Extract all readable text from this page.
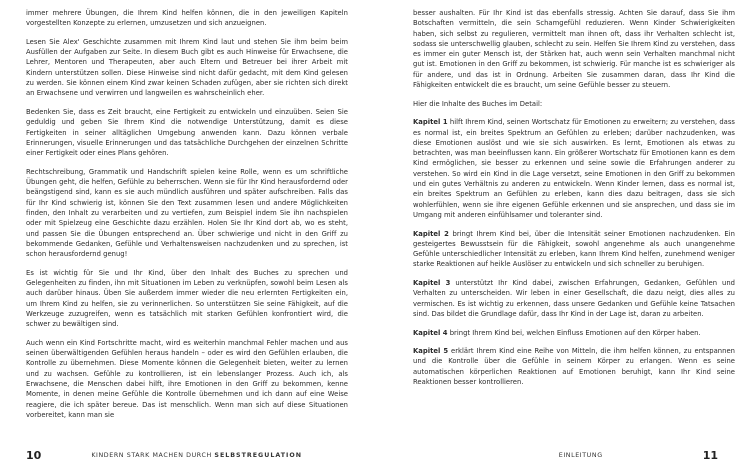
immer mehrere Übungen, die Ihrem Kind helfen können, die in den jeweiligen Kapiteln vorgestellten Konzepte zu erlernen, umzusetzen und sich anzueignen.

Lesen Sie Alex' Geschichte zusammen mit Ihrem Kind laut und stehen Sie ihm beim beim Ausfüllen der Aufgaben zur Seite. In diesem Buch gibt es auch Hinweise für Erwachsene, die Lehrer, Mentoren und Therapeuten, aber auch Eltern und Betreuer bei ihrer Arbeit mit Kindern unterstützen sollen. Diese Hinweise sind nicht dafür gedacht, mit dem Kind gelesen zu werden. Sie können einem Kind zwar keinen Schaden zufügen, aber sie richten sich direkt an Erwachsene und verwirren und langweilen es wahrscheinlich eher.

Bedenken Sie, dass es Zeit braucht, eine Fertigkeit zu entwickeln und einzuüben. Seien Sie geduldig und geben Sie Ihrem Kind die notwendige Unterstützung, damit es diese Fertigkeiten in seiner alltäglichen Umgebung anwenden kann. Dazu können verbale Erinnerungen, visuelle Erinnerungen und das tatsächliche Durchgehen der einzelnen Schritte einer Fertigkeit oder eines Plans gehören.

Rechtschreibung, Grammatik und Handschrift spielen keine Rolle, wenn es um schriftliche Übungen geht, die helfen, Gefühle zu beherrschen. Wenn sie für Ihr Kind herausfordernd oder beängstigend sind, kann es sie auch mündlich ausführen und später aufschreiben. Falls das für Ihr Kind schwierig ist, können Sie den Text zusammen lesen und andere Möglichkeiten finden, den Inhalt zu verarbeiten und zu vertiefen, zum Beispiel indem Sie ihn nachspielen oder mit Spielzeug eine Geschichte dazu erzählen. Holen Sie Ihr Kind dort ab, wo es steht, und passen Sie die Übungen entsprechend an. Über schwierige und nicht in den Griff zu bekommende Gedanken, Gefühle und Verhaltensweisen nachzudenken und zu sprechen, ist schon herausfordernd genug!

Es ist wichtig für Sie und Ihr Kind, über den Inhalt des Buches zu sprechen und Gelegenheiten zu finden, ihn mit Situationen im Leben zu verknüpfen, sowohl beim Lesen als auch darüber hinaus. Üben Sie außerdem immer wieder die neu erlernten Fertigkeiten ein, um Ihrem Kind zu helfen, sie zu verinnerlichen. So unterstützen Sie seine Fähigkeit, auf die Werkzeuge zuzugreifen, wenn es tatsächlich mit starken Gefühlen konfrontiert wird, die schwer zu bewältigen sind.

Auch wenn ein Kind Fortschritte macht, wird es weiterhin manchmal Fehler machen und aus seinen überwältigenden Gefühlen heraus handeln – oder es wird den Gefühlen erlauben, die Kontrolle zu übernehmen. Diese Momente können die Gelegenheit bieten, weiter zu lernen und zu wachsen. Gefühle zu kontrollieren, ist ein lebenslanger Prozess. Auch ich, als Erwachsene, die Menschen dabei hilft, ihre Emotionen in den Griff zu bekommen, kenne Momente, in denen meine Gefühle die Kontrolle übernehmen und ich dann auf eine Weise reagiere, die ich später bereue. Das ist menschlich. Wenn man sich auf diese Situationen vorbereitet, kann man sie

10	KINDERN STARK MACHEN DURCH SELBSTREGULATION

besser aushalten. Für Ihr Kind ist das ebenfalls stressig. Achten Sie darauf, dass Sie ihm Botschaften vermitteln, die sein Schamgefühl reduzieren. Wenn Kinder Schwierigkeiten haben, sich selbst zu regulieren, vermittelt man ihnen oft, dass ihr Verhalten schlecht ist, sodass sie unterschwellig glauben, schlecht zu sein. Helfen Sie Ihrem Kind zu verstehen, dass es immer ein guter Mensch ist, der Stärken hat, auch wenn sein Verhalten manchmal nicht gut ist. Emotionen in den Griff zu bekommen, ist schwierig. Für manche ist es schwieriger als für andere, und das ist in Ordnung. Arbeiten Sie zusammen daran, dass Ihr Kind die Fähigkeiten entwickelt die es braucht, um seine Gefühle besser zu steuern.

Hier die Inhalte des Buches im Detail:

Kapitel 1 hilft Ihrem Kind, seinen Wortschatz für Emotionen zu erweitern; zu verstehen, dass es normal ist, ein breites Spektrum an Gefühlen zu erleben; darüber nachzudenken, was diese Emotionen auslöst und wie sie sich auswirken. Es lernt, Emotionen als etwas zu betrachten, was man beeinflussen kann. Ein größerer Wortschatz für Emotionen kann es dem Kind ermöglichen, sie besser zu erkennen und seine sowie die Erfahrungen anderer zu verstehen. So wird ein Kind in die Lage versetzt, seine Emotionen in den Griff zu bekommen und ein gutes Verhältnis zu anderen zu entwickeln. Wenn Kinder lernen, dass es normal ist, ein breites Spektrum an Gefühlen zu erleben, kann dies dazu beitragen, dass sie sich wohlerfühlen, wenn sie ihre eigenen Gefühle erkennen und sie ansprechen, und dass sie im Umgang mit anderen einfühlsamer und toleranter sind.

Kapitel 2 bringt Ihrem Kind bei, über die Intensität seiner Emotionen nachzudenken. Ein gesteigertes Bewusstsein für die Fähigkeit, sowohl angenehme als auch unangenehme Gefühle unterschiedlicher Intensität zu erleben, kann Ihrem Kind helfen, zunehmend weniger starke Reaktionen auf heikle Auslöser zu entwickeln und sich schneller zu beruhigen.

Kapitel 3 unterstützt Ihr Kind dabei, zwischen Erfahrungen, Gedanken, Gefühlen und Verhalten zu unterscheiden. Wir leben in einer Gesellschaft, die dazu neigt, dies alles zu vermischen. Es ist wichtig zu erkennen, dass unsere Gedanken und Gefühle keine Tatsachen sind. Das bildet die Grundlage dafür, dass Ihr Kind in der Lage ist, daran zu arbeiten.

Kapitel 4 bringt Ihrem Kind bei, welchen Einfluss Emotionen auf den Körper haben.

Kapitel 5 erklärt Ihrem Kind eine Reihe von Mitteln, die ihm helfen können, zu entspannen und die Kontrolle über die Gefühle in seinem Körper zu erlangen. Wenn es seine automatischen körperlichen Reaktionen auf Emotionen beruhigt, kann Ihr Kind seine Reaktionen besser kontrollieren.

EINLEITUNG	11
